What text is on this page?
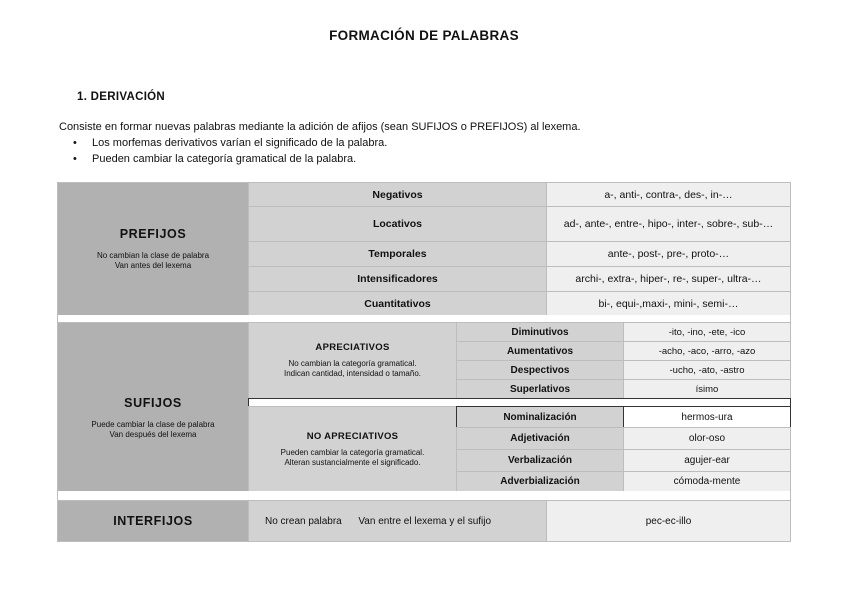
FORMACIÓN DE PALABRAS
1. DERIVACIÓN
Consiste en formar nuevas palabras mediante la adición de afijos (sean SUFIJOS o PREFIJOS) al lexema.
• Los morfemas derivativos varían el significado de la palabra.
• Pueden cambiar la categoría gramatical de la palabra.
PREFIJOS
No cambian la clase de palabra
Van antes del lexema
Negativos	a-, anti-, contra-, des-, in-…
Locativos	ad-, ante-, entre-, hipo-, inter-, sobre-, sub-…
Temporales	ante-, post-, pre-, proto-…
Intensificadores	archi-, extra-, hiper-, re-, super-, ultra-…
Cuantitativos	bi-, equi-,maxi-, mini-, semi-…
SUFIJOS
Puede cambiar la clase de palabra
Van después del lexema
APRECIATIVOS
No cambian la categoría gramatical.
Indican cantidad, intensidad o tamaño.
Diminutivos	-ito, -ino, -ete, -ico
Aumentativos	-acho, -aco, -arro, -azo
Despectivos	-ucho, -ato, -astro
Superlativos	ísimo
NO APRECIATIVOS
Pueden cambiar la categoría gramatical.
Alteran sustancialmente el significado.
Nominalización	hermos-ura
Adjetivación	olor-oso
Verbalización	agujer-ear
Adverbialización	cómoda-mente
INTERFIJOS	No crean palabra      Van entre el lexema y el sufijo	pec-ec-illo
